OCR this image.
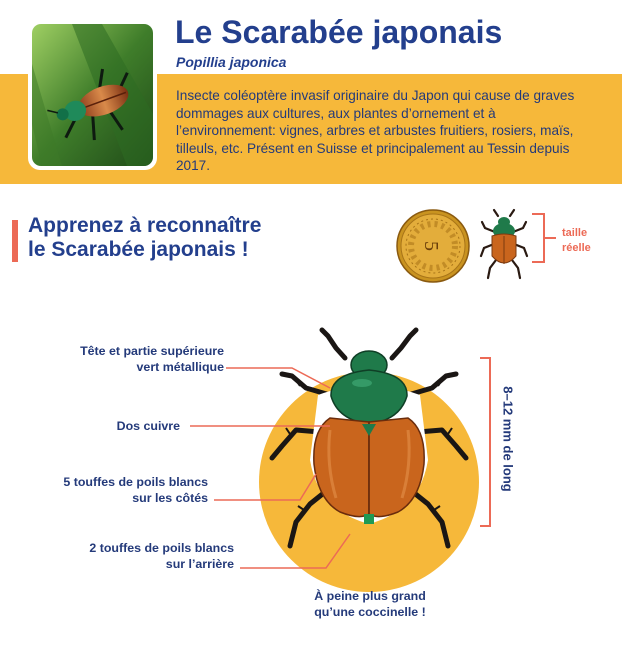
Le Scarabée japonais
Popillia japonica

Insecte coléoptère invasif originaire du Japon qui cause de graves dommages aux cultures, aux plantes d’ornement et à l’environnement: vignes, arbres et arbustes fruitiers, rosiers, maïs, tilleuls, etc. Présent en Suisse et principalement au Tessin depuis 2017.

Apprenez à reconnaître
le Scarabée japonais !	5
taille
réelle
Tête et partie supérieure
vert métallique
Dos cuivre
5 touffes de poils blancs
sur les côtés
2 touffes de poils blancs
sur l’arrière
8–12 mm de long
À peine plus grand
qu’une coccinelle !
